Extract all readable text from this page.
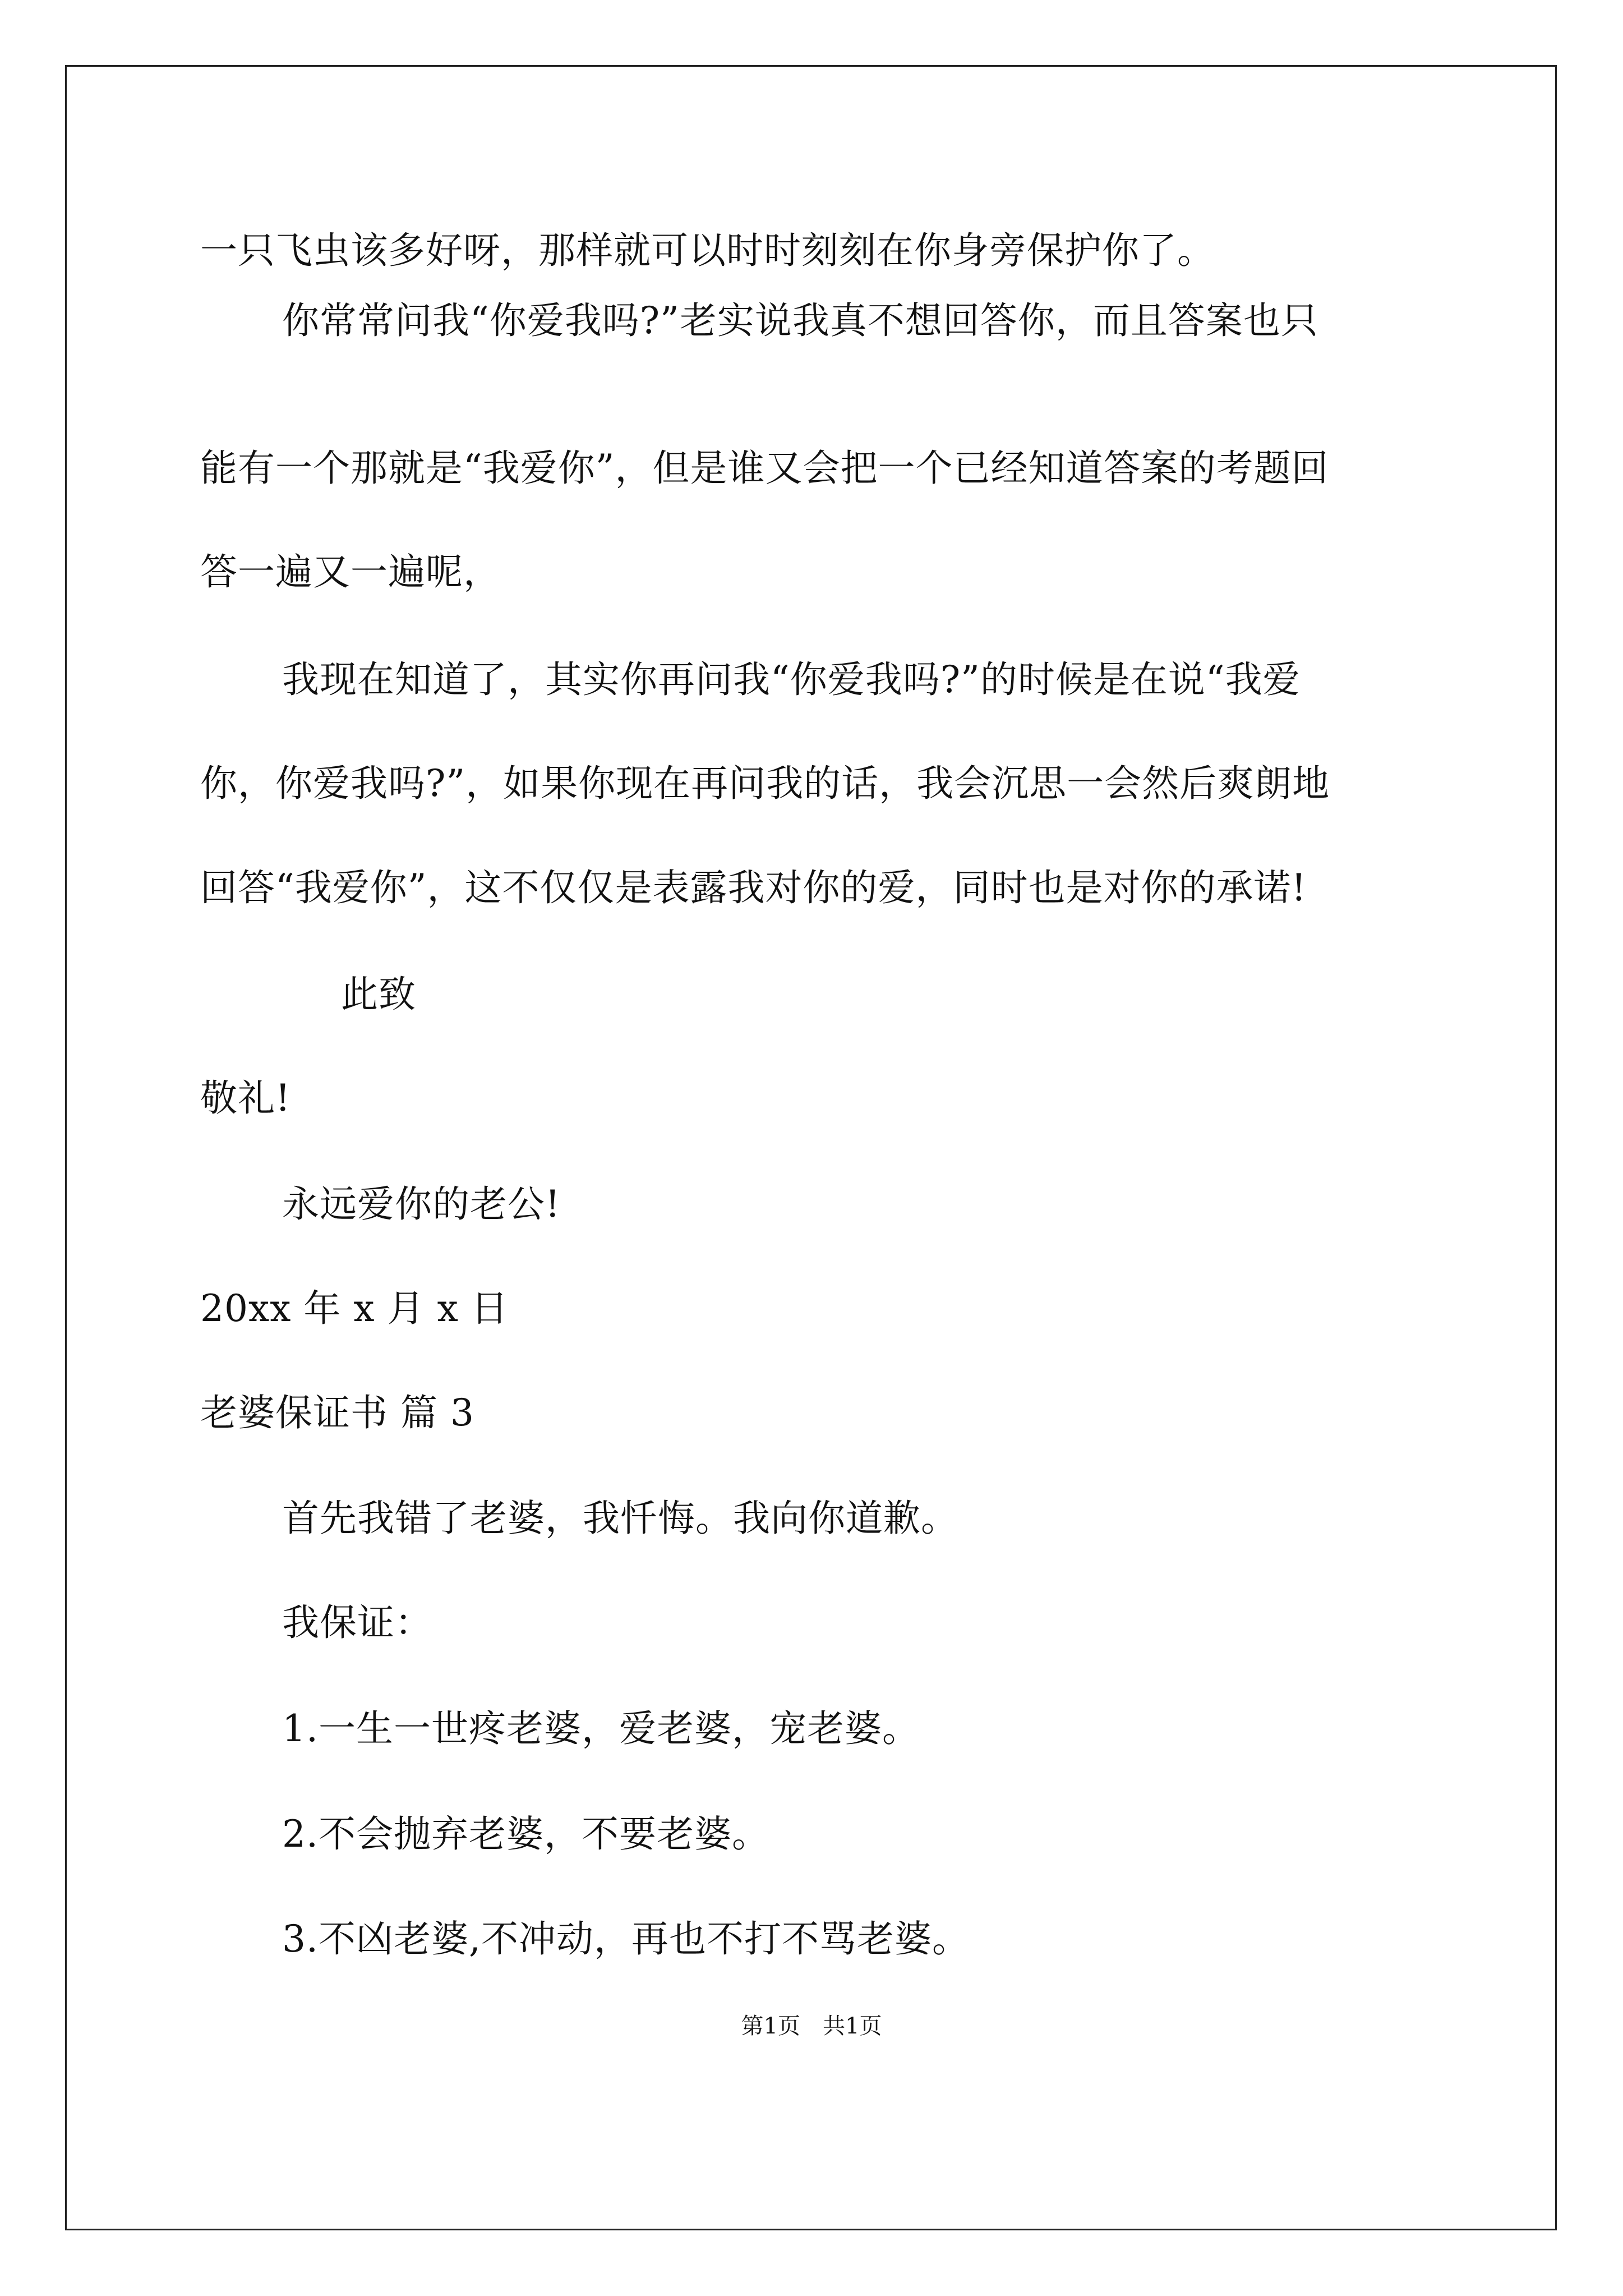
一只飞虫该多好呀，那样就可以时时刻刻在你身旁保护你了。
你常常问我“你爱我吗?”老实说我真不想回答你，而且答案也只
能有一个那就是“我爱你”，但是谁又会把一个已经知道答案的考题回
答一遍又一遍呢，
我现在知道了，其实你再问我“你爱我吗?”的时候是在说“我爱
你，你爱我吗?”，如果你现在再问我的话，我会沉思一会然后爽朗地
回答“我爱你”，这不仅仅是表露我对你的爱，同时也是对你的承诺!
此致
敬礼!
永远爱你的老公!
20xx 年 x 月 x 日
老婆保证书 篇 3
首先我错了老婆，我忏悔。我向你道歉。
我保证：
1.一生一世疼老婆，爱老婆，宠老婆。
2.不会抛弃老婆，不要老婆。
3.不凶老婆,不冲动，再也不打不骂老婆。
第1页　共1页
